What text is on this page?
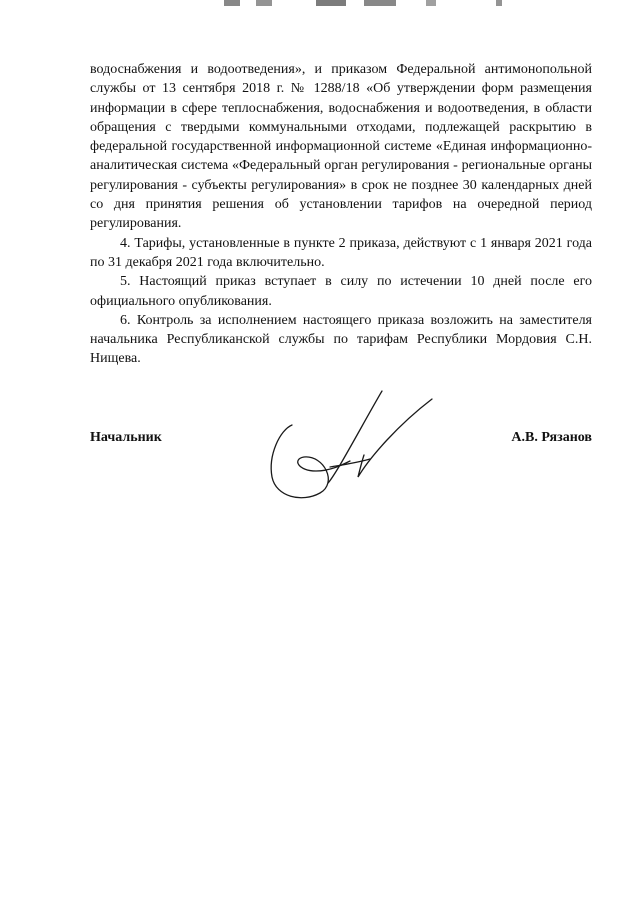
водоснабжения и водоотведения», и приказом Федеральной антимонопольной службы от 13 сентября 2018 г. № 1288/18 «Об утверждении форм размещения информации в сфере теплоснабжения, водоснабжения и водоотведения, в области обращения с твердыми коммунальными отходами, подлежащей раскрытию в федеральной государственной информационной системе «Единая информационно-аналитическая система «Федеральный орган регулирования - региональные органы регулирования - субъекты регулирования» в срок не позднее 30 календарных дней со дня принятия решения об установлении тарифов на очередной период регулирования.

4. Тарифы, установленные в пункте 2 приказа, действуют с 1 января 2021 года по 31 декабря 2021 года включительно.

5. Настоящий приказ вступает в силу по истечении 10 дней после его официального опубликования.

6. Контроль за исполнением настоящего приказа возложить на заместителя начальника Республиканской службы по тарифам Республики Мордовия С.Н. Нищева.

Начальник	А.В. Рязанов
